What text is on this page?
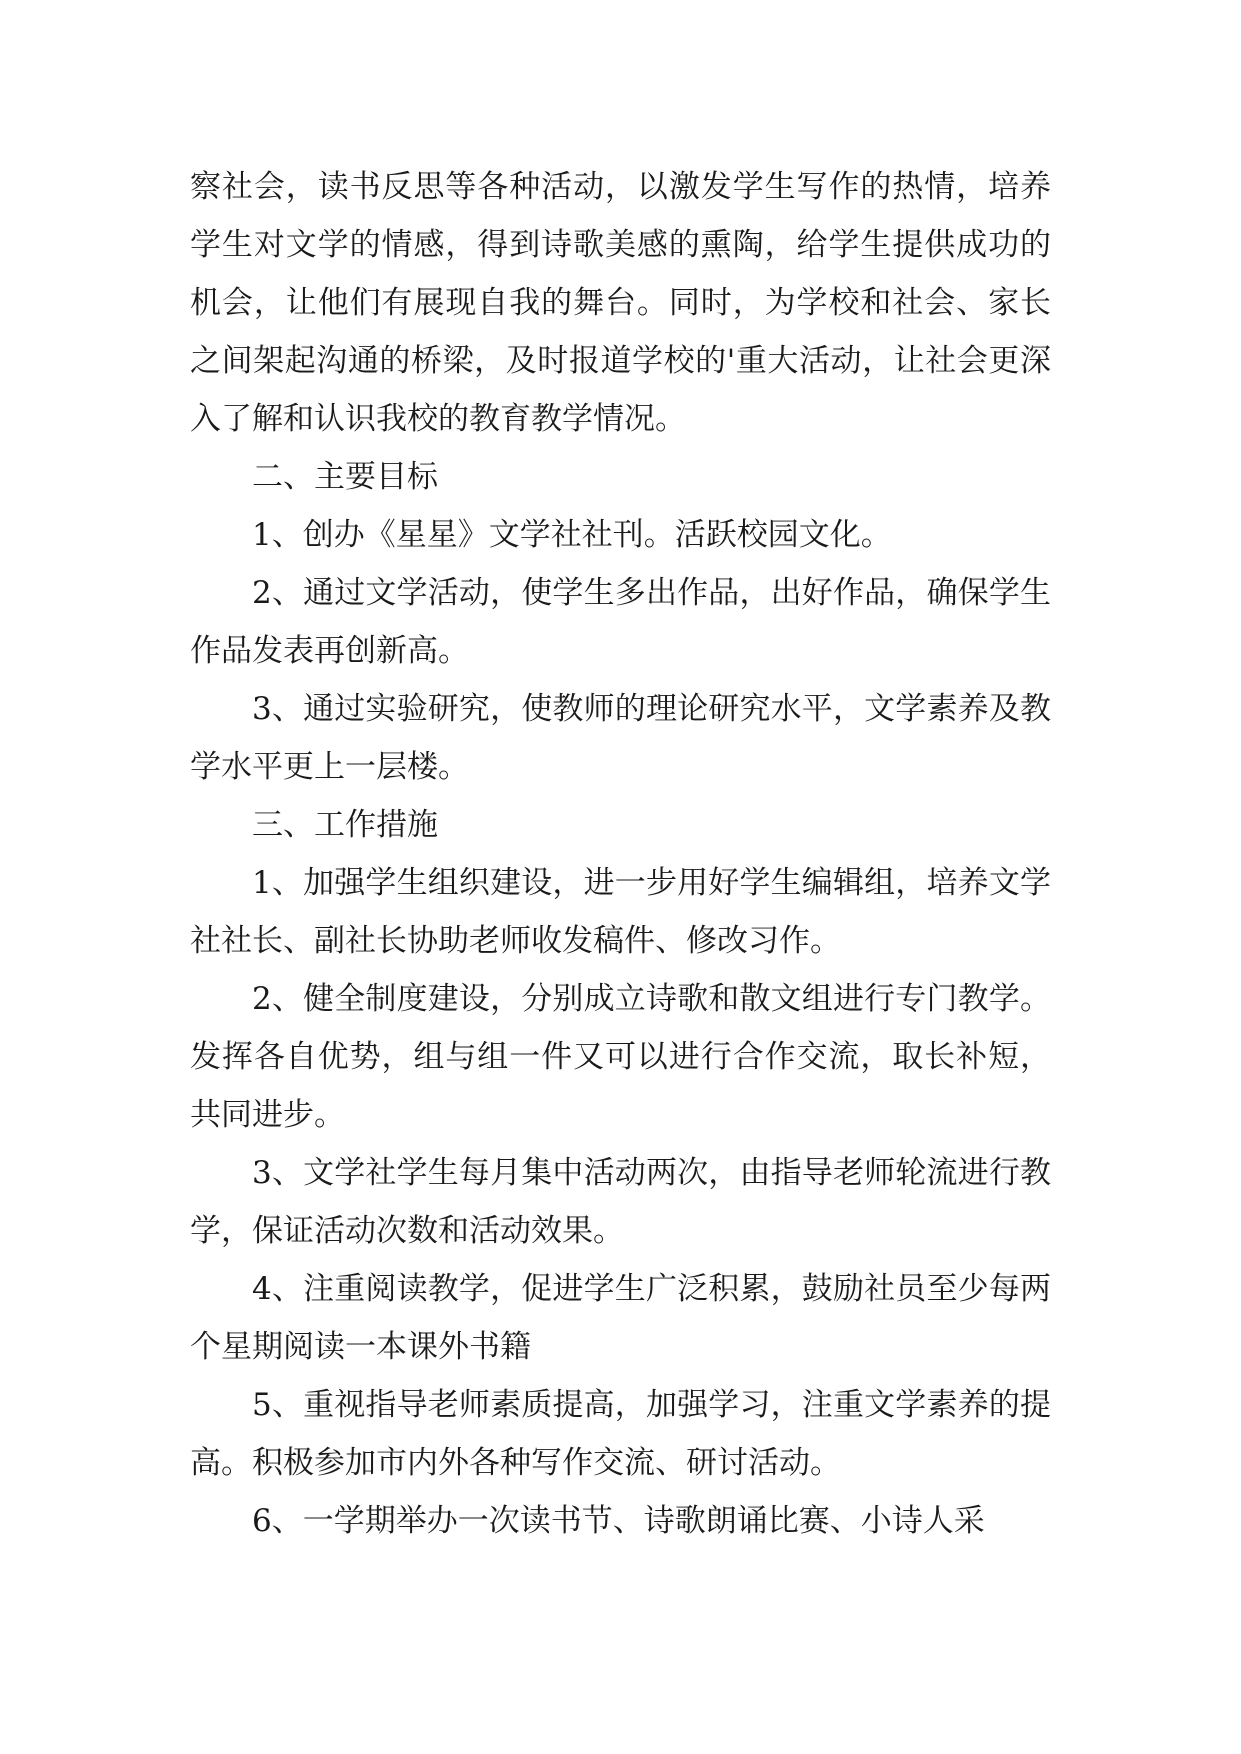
察社会，读书反思等各种活动，以激发学生写作的热情，培养学生对文学的情感，得到诗歌美感的熏陶，给学生提供成功的机会，让他们有展现自我的舞台。同时，为学校和社会、家长之间架起沟通的桥梁，及时报道学校的'重大活动，让社会更深入了解和认识我校的教育教学情况。

二、主要目标

1、创办《星星》文学社社刊。活跃校园文化。

2、通过文学活动，使学生多出作品，出好作品，确保学生作品发表再创新高。

3、通过实验研究，使教师的理论研究水平，文学素养及教学水平更上一层楼。

三、工作措施

1、加强学生组织建设，进一步用好学生编辑组，培养文学社社长、副社长协助老师收发稿件、修改习作。

2、健全制度建设，分别成立诗歌和散文组进行专门教学。发挥各自优势，组与组一件又可以进行合作交流，取长补短，共同进步。

3、文学社学生每月集中活动两次，由指导老师轮流进行教学，保证活动次数和活动效果。

4、注重阅读教学，促进学生广泛积累，鼓励社员至少每两个星期阅读一本课外书籍

5、重视指导老师素质提高，加强学习，注重文学素养的提高。积极参加市内外各种写作交流、研讨活动。

6、一学期举办一次读书节、诗歌朗诵比赛、小诗人采
